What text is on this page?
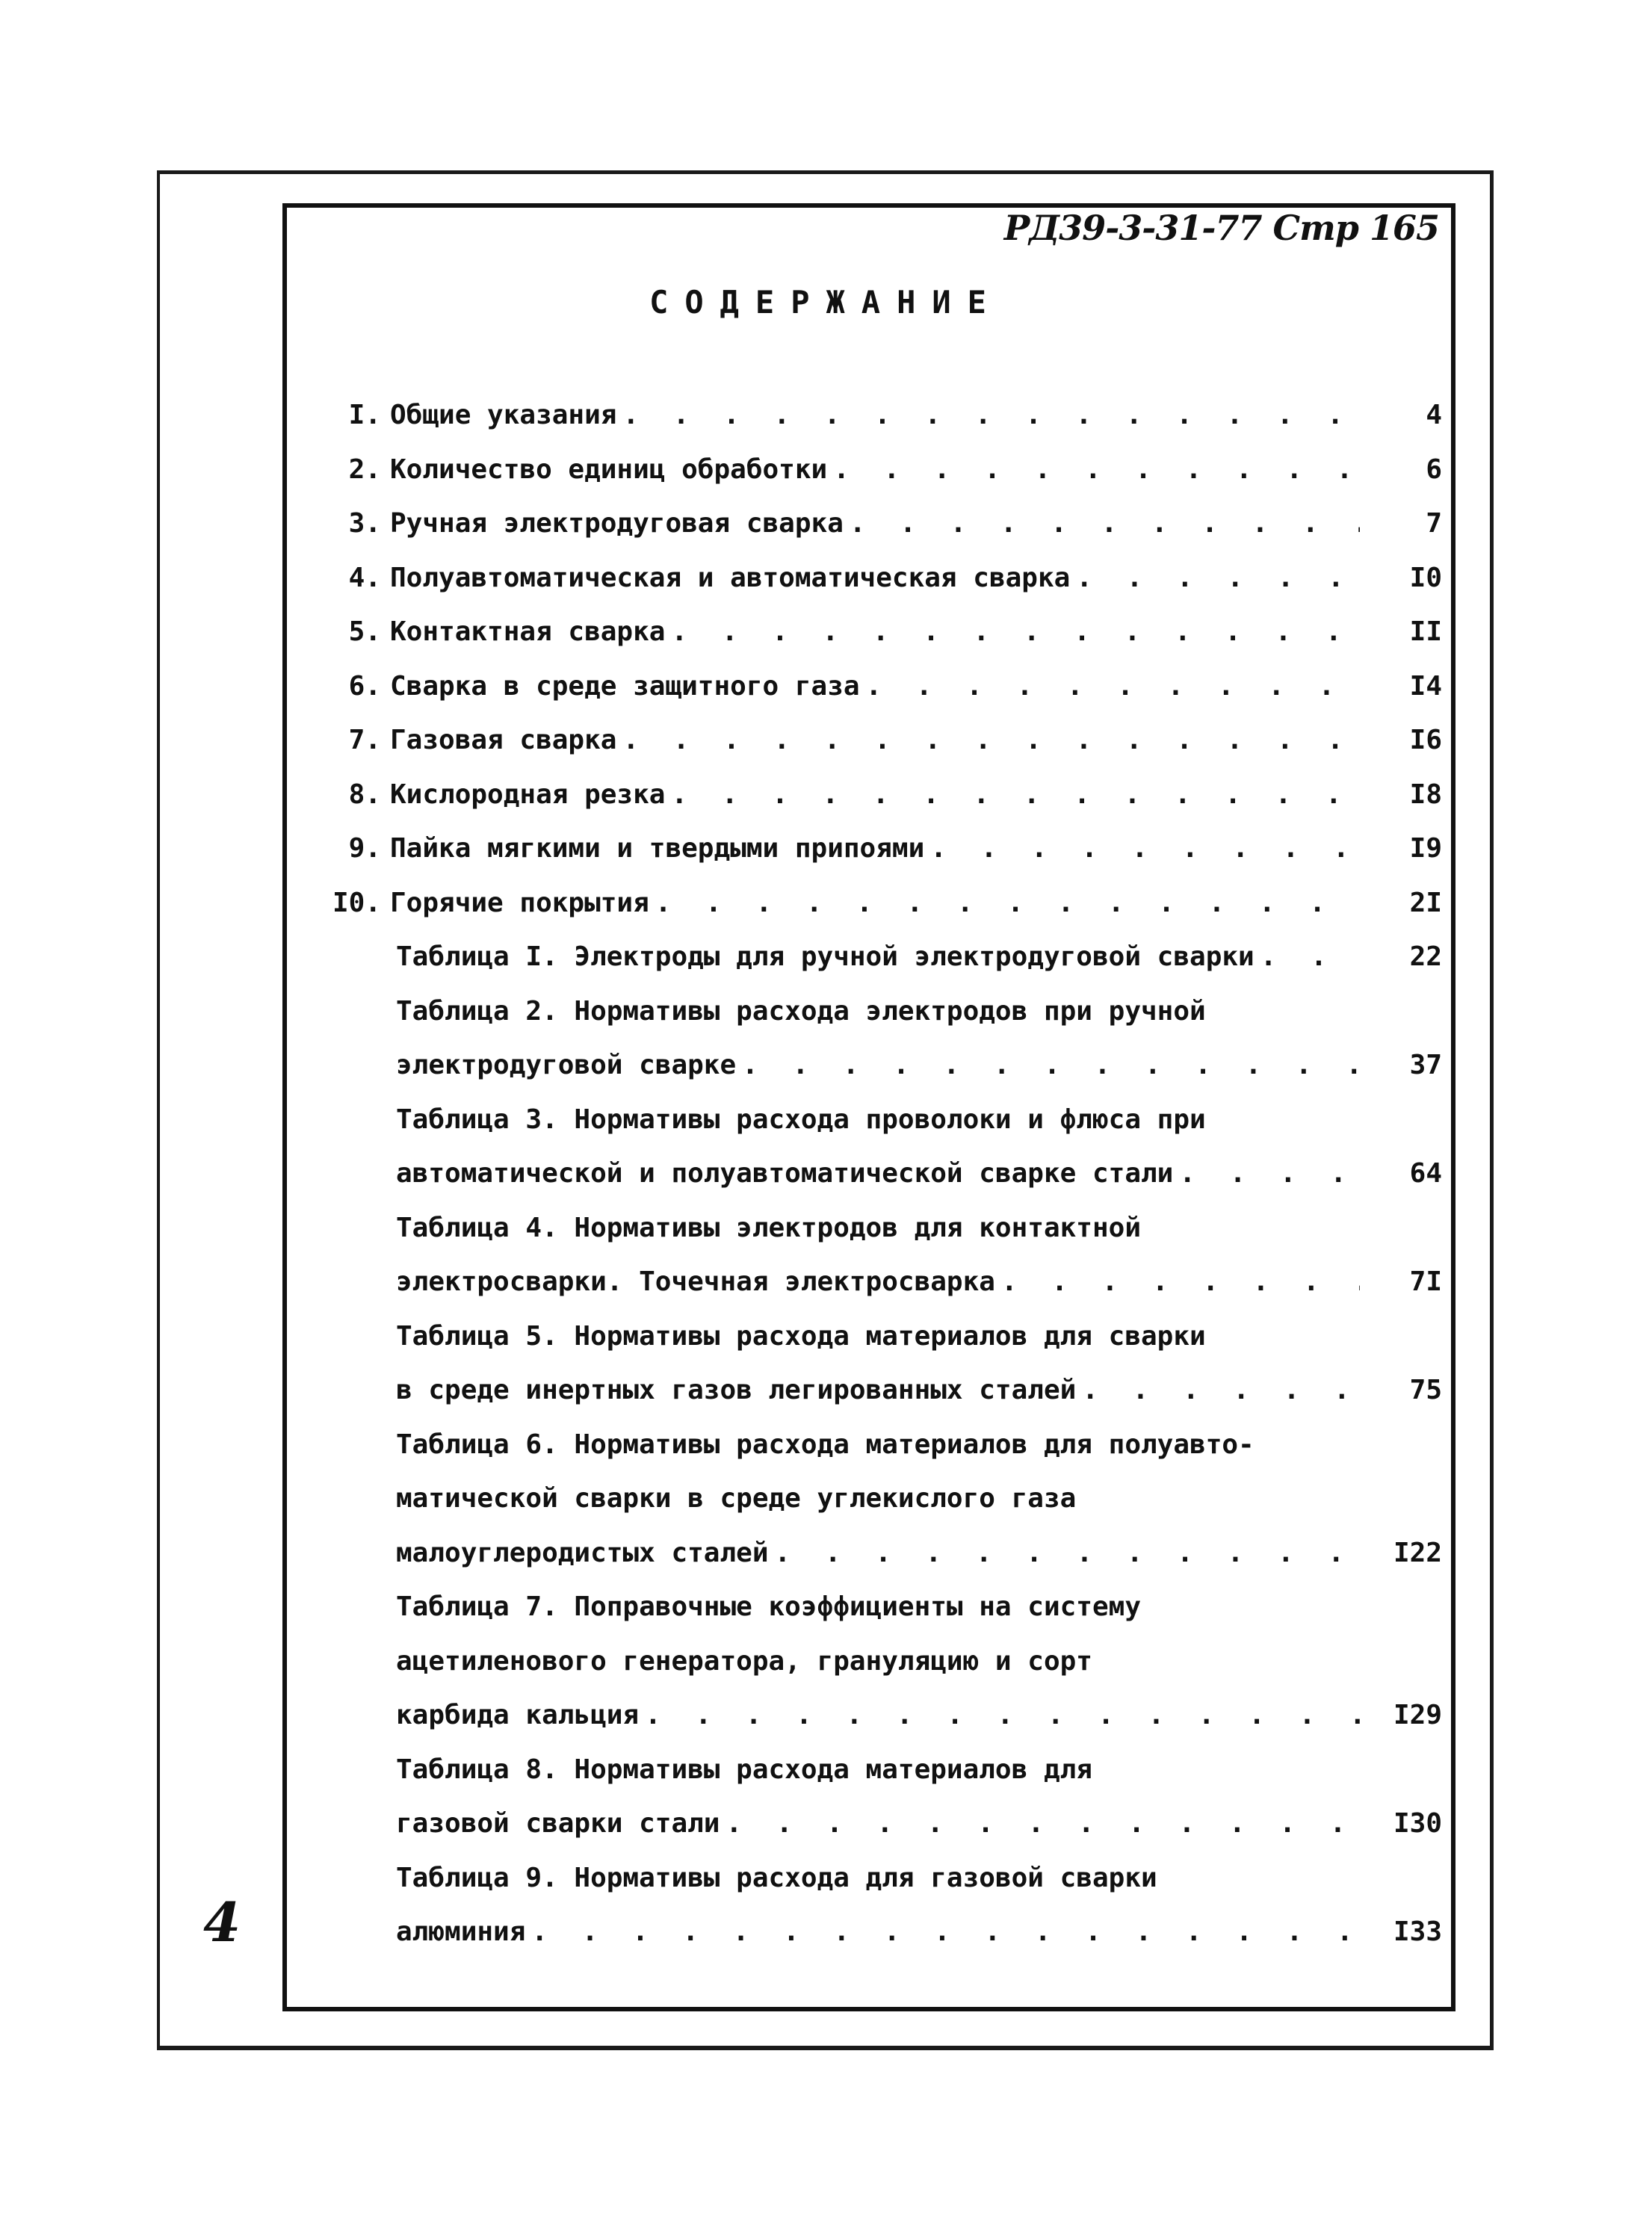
РД39-3-31-77 Стр 165
СОДЕРЖАНИЕ
I. Общие указания . . .	4
2. Количество единиц обработки . . .	6
3. Ручная электродуговая сварка . . .	7
4. Полуавтоматическая и автоматическая сварка . . .	I0
5. Контактная сварка . . .	II
6. Сварка в среде защитного газа . . .	I4
7. Газовая сварка . . .	I6
8. Кислородная резка . . .	I8
9. Пайка мягкими и твердыми припоями . . .	I9
I0. Горячие покрытия . . .	2I
Таблица I. Электроды для ручной электродуговой сварки . . .	22
Таблица 2. Нормативы расхода электродов при ручной
электродуговой сварке . . .	37
Таблица 3. Нормативы расхода проволоки и флюса при
автоматической и полуавтоматической сварке стали . . .	64
Таблица 4. Нормативы электродов для контактной
электросварки. Точечная электросварка . . .	7I
Таблица 5. Нормативы расхода материалов для сварки
в среде инертных газов легированных сталей . . .	75
Таблица 6. Нормативы расхода материалов для полуавто-
матической сварки в среде углекислого газа
малоуглеродистых сталей . . .	I22
Таблица 7. Поправочные коэффициенты на систему
ацетиленового генератора, грануляцию и сорт
карбида кальция . . .	I29
Таблица 8. Нормативы расхода материалов для
газовой сварки стали . . .	I30
Таблица 9. Нормативы расхода для газовой сварки
алюминия . . .	I33
4
